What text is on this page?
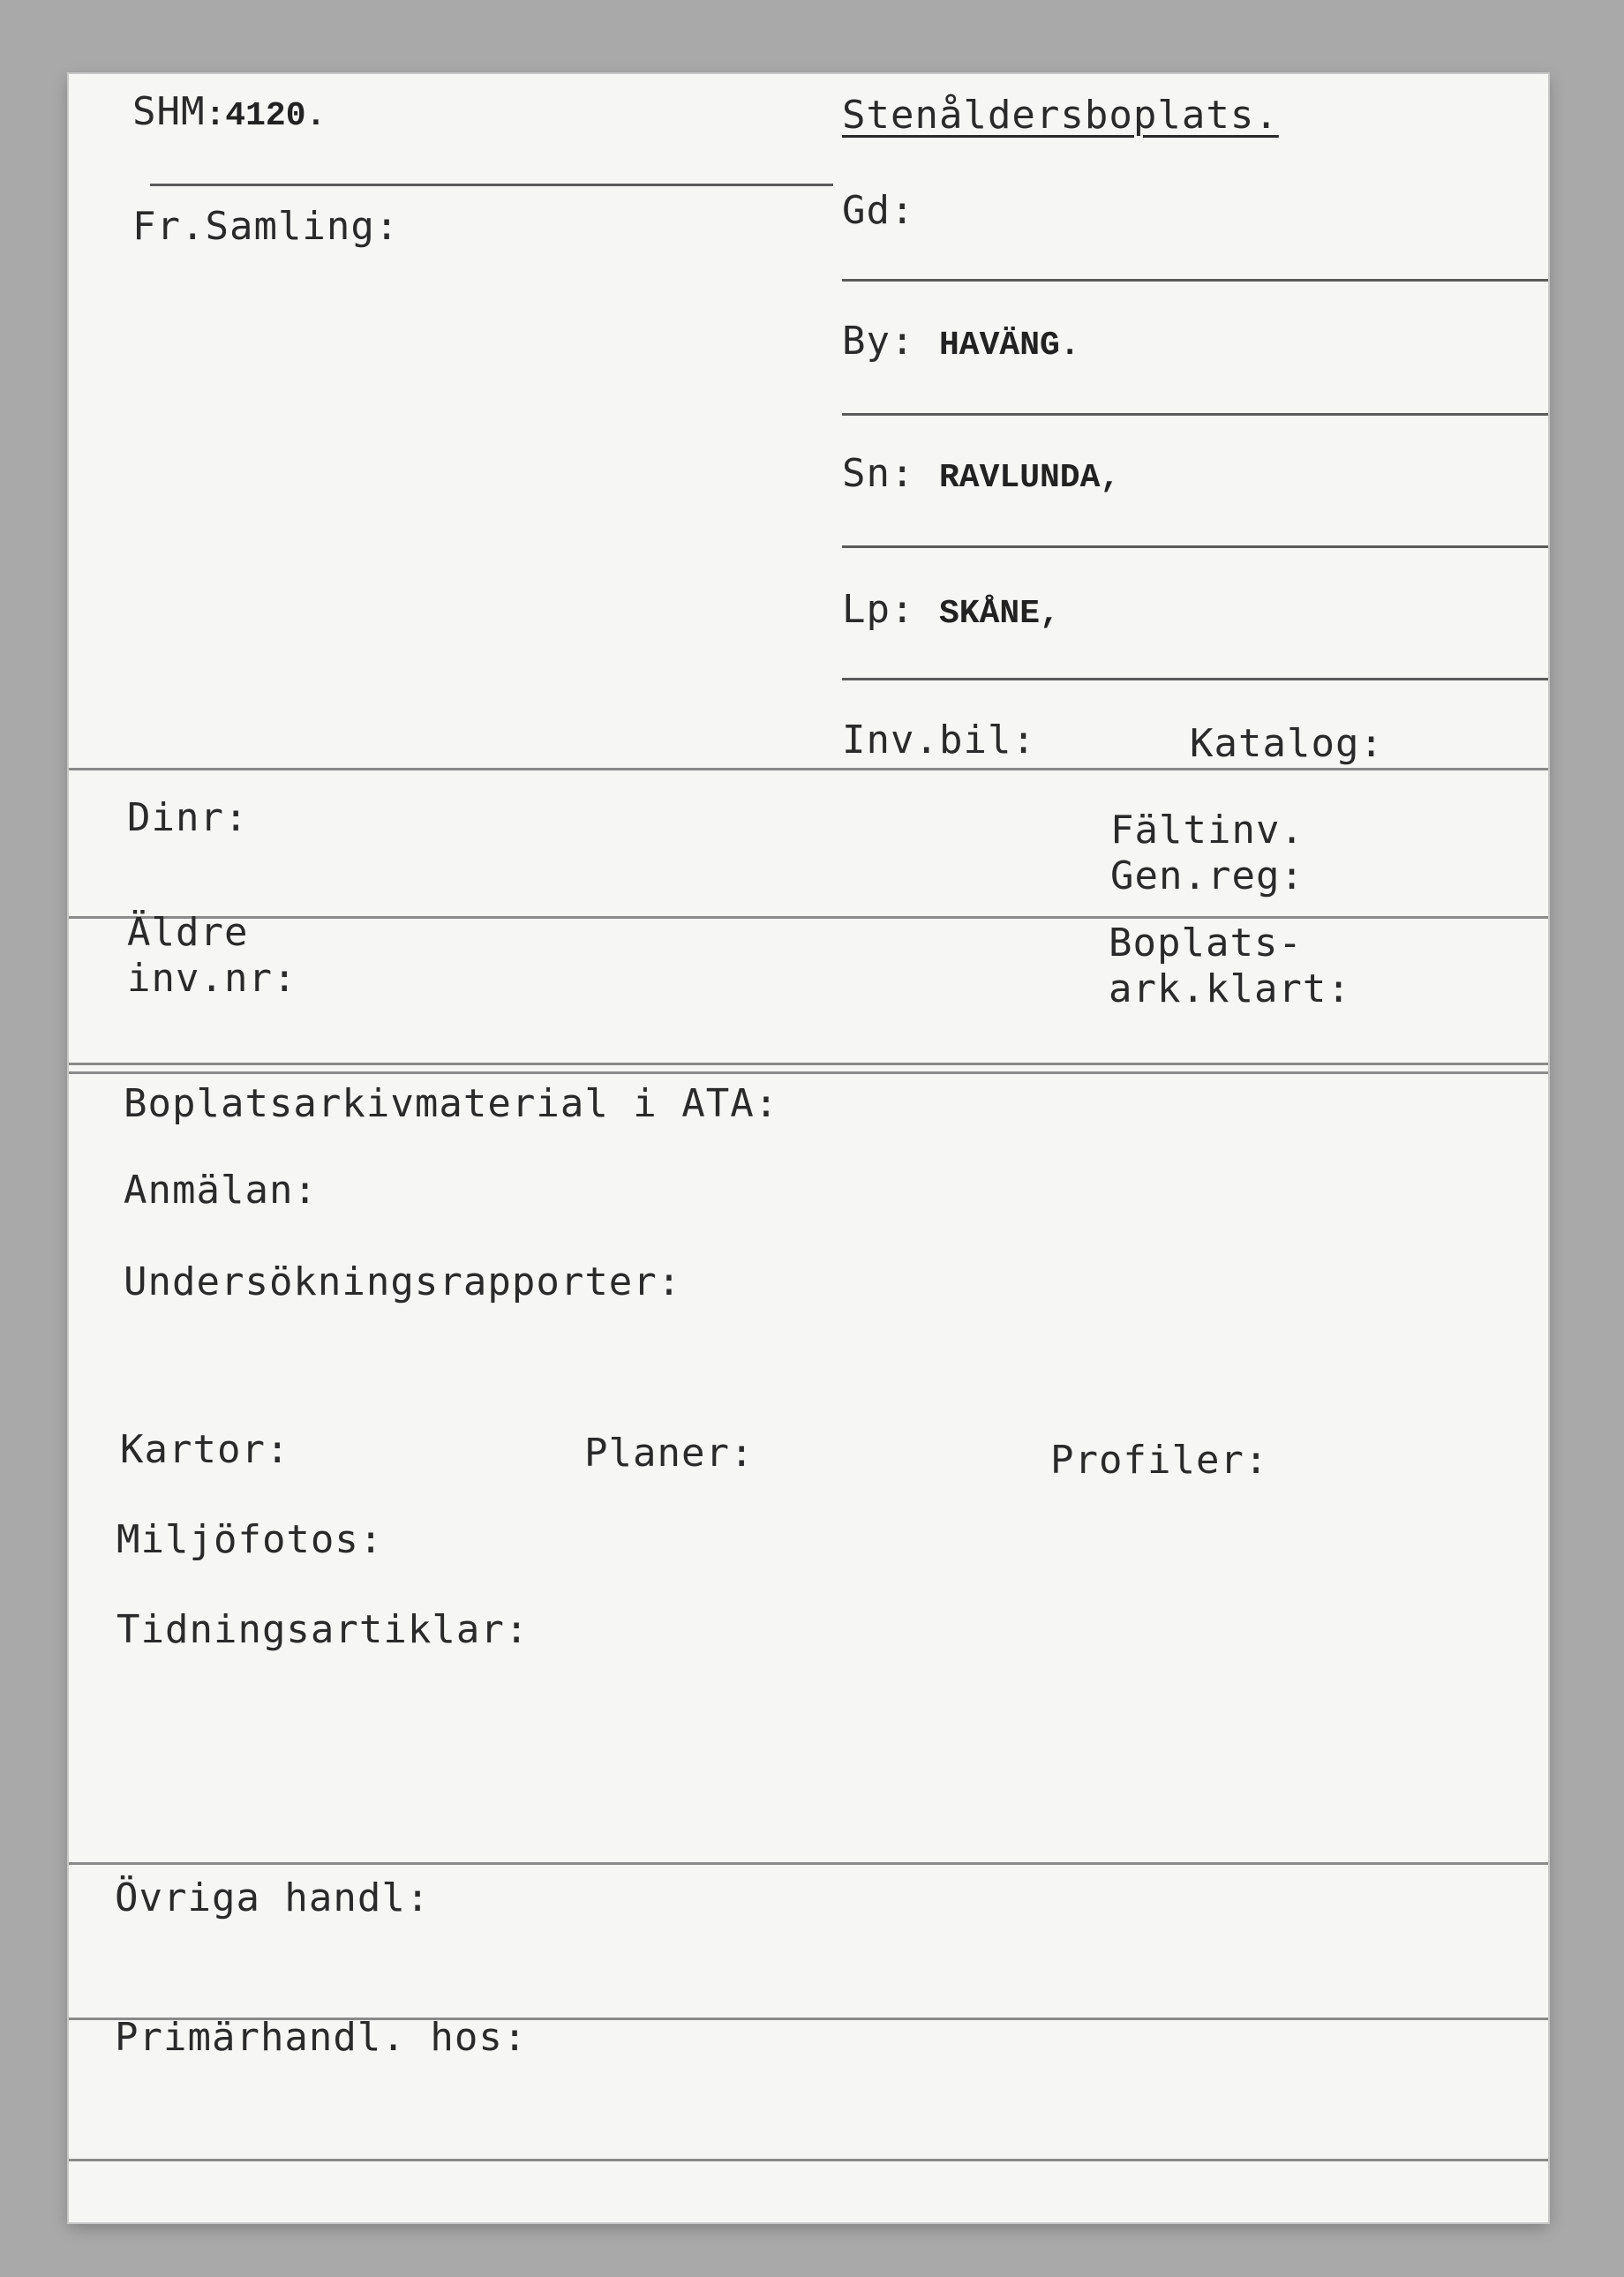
SHM:4120.	Stenåldersboplats.
Fr.Samling:	Gd:
By: HAVÄNG.
Sn: RAVLUNDA,
Lp: SKÅNE,
Inv.bil:	Katalog:
Dinr:	Fältinv.
Gen.reg:
Äldre
inv.nr:
Boplats-
ark.klart:
Boplatsarkivmaterial i ATA:
Anmälan:
Undersökningsrapporter:
Kartor:	Planer:	Profiler:
Miljöfotos:
Tidningsartiklar:
Övriga handl:
Primärhandl. hos:
